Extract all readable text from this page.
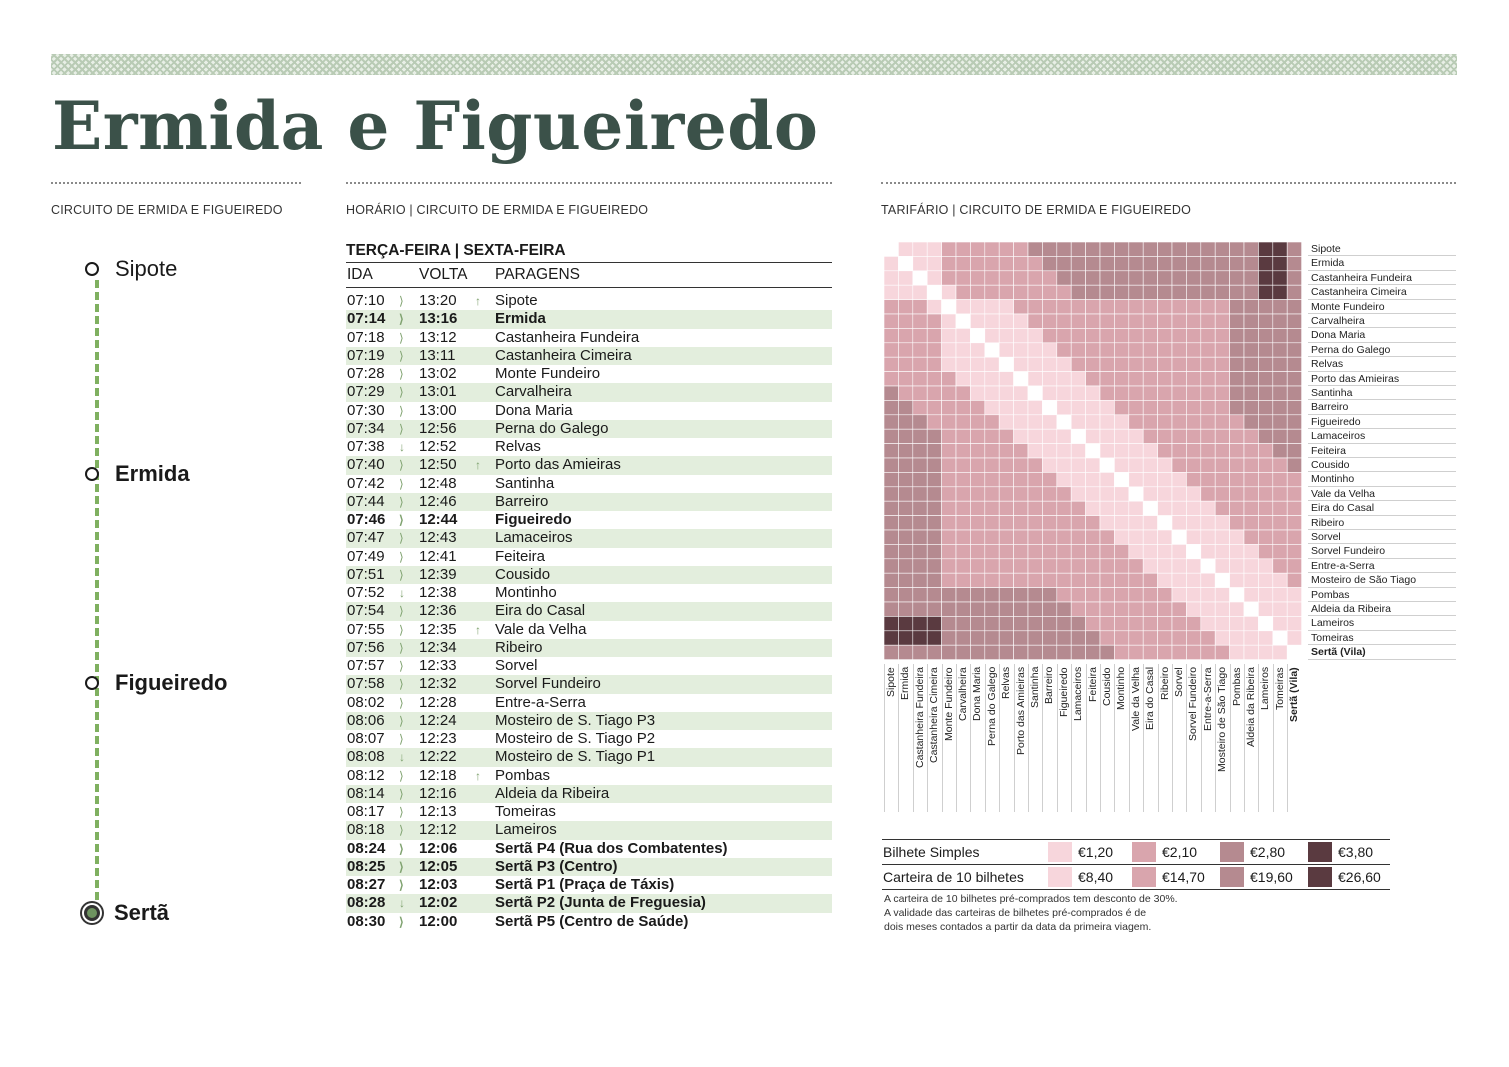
Ermida e Figueiredo
CIRCUITO DE ERMIDA E FIGUEIREDO	HORÁRIO | CIRCUITO DE ERMIDA E FIGUEIREDO	TARIFÁRIO | CIRCUITO DE ERMIDA E FIGUEIREDO
Sipote
Ermida
Figueiredo
Sertã
TERÇA-FEIRA | SEXTA-FEIRA
IDA	VOLTA	PARAGENS
07:10	⟩	13:20	↑ Sipote
07:14	⟩	13:16	Ermida
07:18	⟩	13:12	Castanheira Fundeira
07:19	⟩	13:11	Castanheira Cimeira
07:28	⟩	13:02	Monte Fundeiro
07:29	⟩	13:01	Carvalheira
07:30	⟩	13:00	Dona Maria
07:34	⟩	12:56	Perna do Galego
07:38	↓ 12:52	Relvas
07:40	⟩	12:50	↑ Porto das Amieiras
07:42	⟩	12:48	Santinha
07:44	⟩	12:46	Barreiro
07:46	⟩	12:44	Figueiredo
07:47	⟩	12:43	Lamaceiros
07:49	⟩	12:41	Feiteira
07:51	⟩	12:39	Cousido
07:52	↓ 12:38	Montinho
07:54	⟩	12:36	Eira do Casal
07:55	⟩	12:35	↑ Vale da Velha
07:56	⟩	12:34	Ribeiro
07:57	⟩	12:33	Sorvel
07:58	⟩	12:32	Sorvel Fundeiro
08:02	⟩	12:28	Entre-a-Serra
08:06	⟩	12:24	Mosteiro de S. Tiago P3
08:07	⟩	12:23	Mosteiro de S. Tiago P2
08:08	↓ 12:22	Mosteiro de S. Tiago P1
08:12	⟩	12:18	↑ Pombas
08:14	⟩	12:16	Aldeia da Ribeira
08:17	⟩	12:13	Tomeiras
08:18	⟩	12:12	Lameiros
08:24	⟩	12:06	Sertã P4 (Rua dos Combatentes)
08:25	⟩	12:05	Sertã P3 (Centro)
08:27	⟩	12:03	Sertã P1 (Praça de Táxis)
08:28	↓ 12:02	Sertã P2 (Junta de Freguesia)
08:30	⟩	12:00	Sertã P5 (Centro de Saúde)
Sipote
Ermida
Castanheira Fundeira
Castanheira Cimeira
Monte Fundeiro
Carvalheira
Dona Maria
Perna do Galego
Relvas
Porto das Amieiras
Santinha
Barreiro
Figueiredo
Lamaceiros
Feiteira
Cousido
Montinho
Vale da Velha
Eira do Casal
Ribeiro
Sorvel
Sorvel Fundeiro
Entre-a-Serra
Mosteiro de São Tiago
Pombas
Aldeia da Ribeira
Lameiros
Tomeiras
Sertã (Vila)
Sipote Ermida Castanheira Fundeira Castanheira Cimeira Monte Fundeiro Carvalheira Dona Maria Perna do Galego Relvas Porto das Amieiras Santinha Barreiro Figueiredo Lamaceiros Feiteira Cousido Montinho Vale da Velha Eira do Casal Ribeiro Sorvel Sorvel Fundeiro Entre-a-Serra Mosteiro de São Tiago Pombas Aldeia da Ribeira Lameiros Tomeiras Sertã (Vila)
Bilhete Simples	€1,20	€2,10	€2,80	€3,80
Carteira de 10 bilhetes	€8,40	€14,70	€19,60	€26,60
A carteira de 10 bilhetes pré-comprados tem desconto de 30%.
A validade das carteiras de bilhetes pré-comprados é de
dois meses contados a partir da data da primeira viagem.
